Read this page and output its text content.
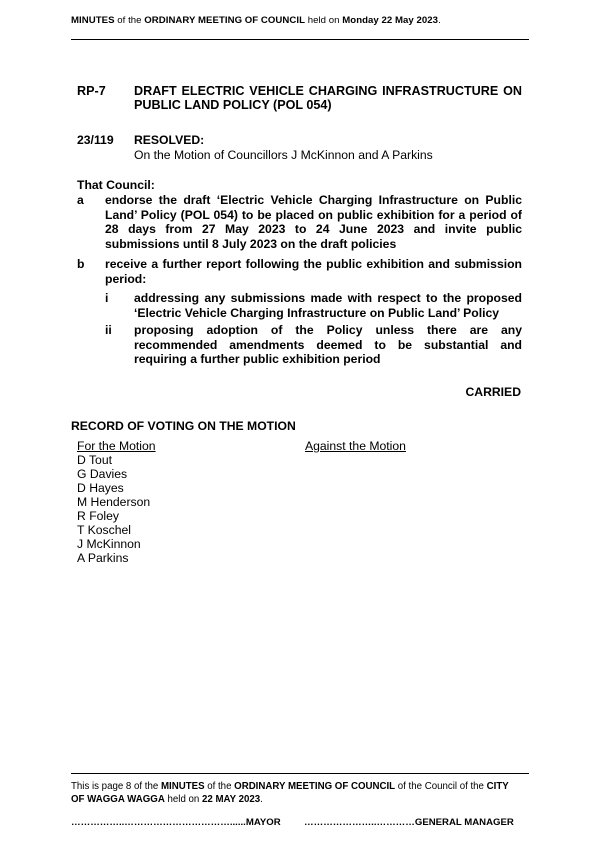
MINUTES of the ORDINARY MEETING OF COUNCIL held on Monday 22 May 2023.
RP-7 DRAFT ELECTRIC VEHICLE CHARGING INFRASTRUCTURE ON
PUBLIC LAND POLICY (POL 054)
23/119 RESOLVED:
On the Motion of Councillors J McKinnon and A Parkins
That Council:
a endorse the draft ‘Electric Vehicle Charging Infrastructure on Public Land’ Policy (POL 054) to be placed on public exhibition for a period of 28 days from 27 May 2023 to 24 June 2023 and invite public submissions until 8 July 2023 on the draft policies
b receive a further report following the public exhibition and submission period:
i addressing any submissions made with respect to the proposed ‘Electric Vehicle Charging Infrastructure on Public Land’ Policy
ii proposing adoption of the Policy unless there are any recommended amendments deemed to be substantial and requiring a further public exhibition period
CARRIED
RECORD OF VOTING ON THE MOTION
For the Motion	Against the Motion
D Tout
G Davies
D Hayes
M Henderson
R Foley
T Koschel
J McKinnon
A Parkins
This is page 8 of the MINUTES of the ORDINARY MEETING OF COUNCIL of the Council of the CITY
OF WAGGA WAGGA held on 22 MAY 2023.
……………..……………………………......MAYOR …………………..…………GENERAL MANAGER
